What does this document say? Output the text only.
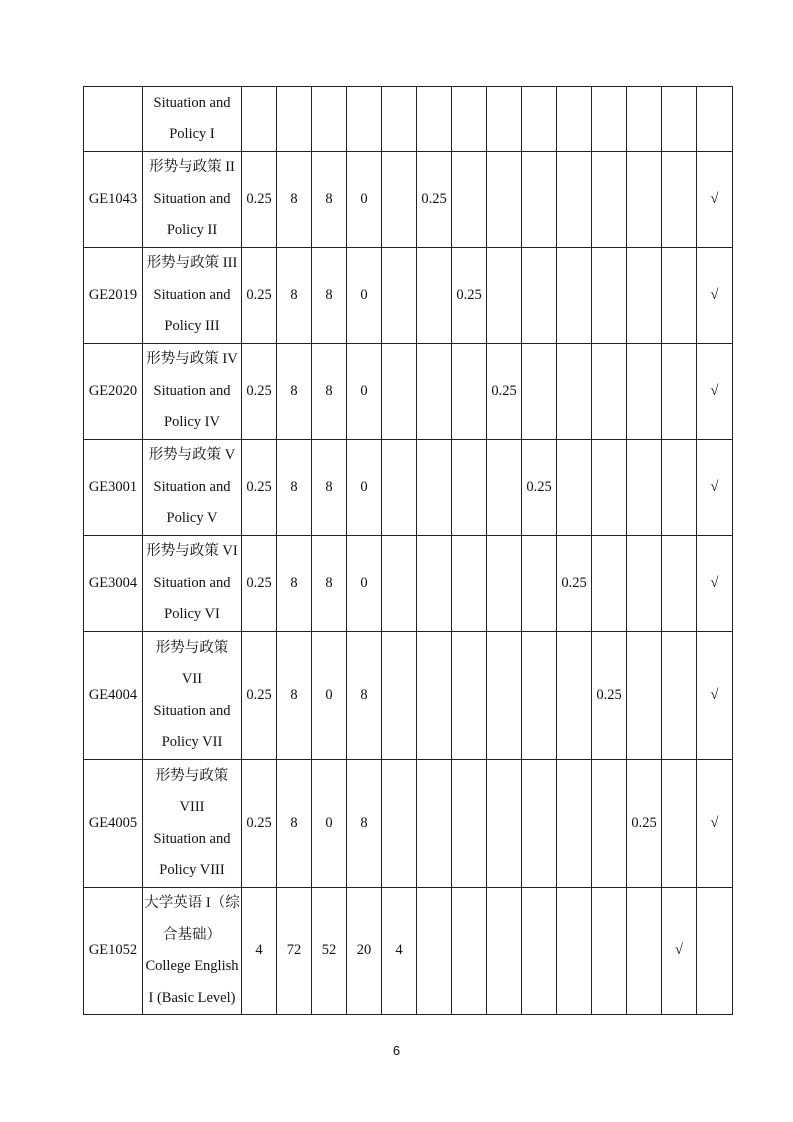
	Situation and
Policy I														

GE1043	形势与政策 II
Situation and
Policy II	0.25	8	8	0		0.25								√
GE2019	形势与政策 III
Situation and
Policy III	0.25	8	8	0			0.25							√
GE2020	形势与政策 IV
Situation and
Policy IV	0.25	8	8	0				0.25						√
GE3001	形势与政策 V
Situation and
Policy V	0.25	8	8	0					0.25					√
GE3004	形势与政策 VI
Situation and
Policy VI	0.25	8	8	0						0.25				√
GE4004	形势与政策
VII
Situation and
Policy VII	0.25	8	0	8							0.25			√
GE4005	形势与政策
VIII
Situation and
Policy VIII	0.25	8	0	8								0.25		√
GE1052	大学英语 I（综
合基础）
College English
I (Basic Level)	4	72	52	20	4								√	
6
